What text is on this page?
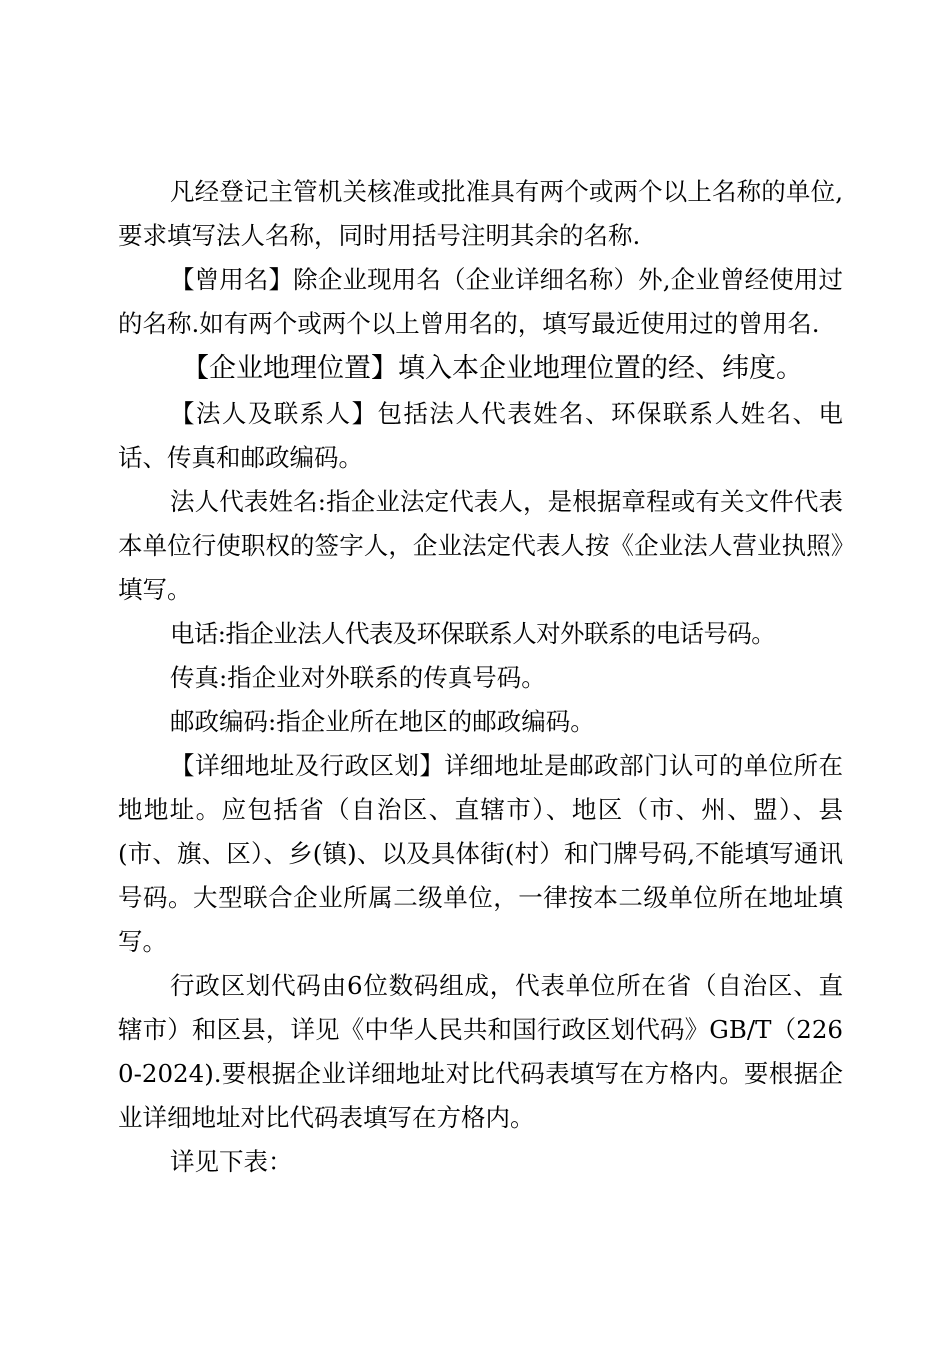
凡经登记主管机关核准或批准具有两个或两个以上名称的单位,要求填写法人名称，同时用括号注明其余的名称.

【曾用名】除企业现用名（企业详细名称）外,企业曾经使用过的名称.如有两个或两个以上曾用名的，填写最近使用过的曾用名.

【企业地理位置】填入本企业地理位置的经、纬度。

【法人及联系人】包括法人代表姓名、环保联系人姓名、电话、传真和邮政编码。

法人代表姓名:指企业法定代表人，是根据章程或有关文件代表本单位行使职权的签字人，企业法定代表人按《企业法人营业执照》填写。

电话:指企业法人代表及环保联系人对外联系的电话号码。

传真:指企业对外联系的传真号码。

邮政编码:指企业所在地区的邮政编码。

【详细地址及行政区划】详细地址是邮政部门认可的单位所在地地址。应包括省（自治区、直辖市）、地区（市、州、盟）、县(市、旗、区）、乡(镇)、以及具体街(村）和门牌号码,不能填写通讯号码。大型联合企业所属二级单位，一律按本二级单位所在地址填写。

行政区划代码由6位数码组成，代表单位所在省（自治区、直辖市）和区县，详见《中华人民共和国行政区划代码》GB/T（2260-2024).要根据企业详细地址对比代码表填写在方格内。要根据企业详细地址对比代码表填写在方格内。

详见下表：
